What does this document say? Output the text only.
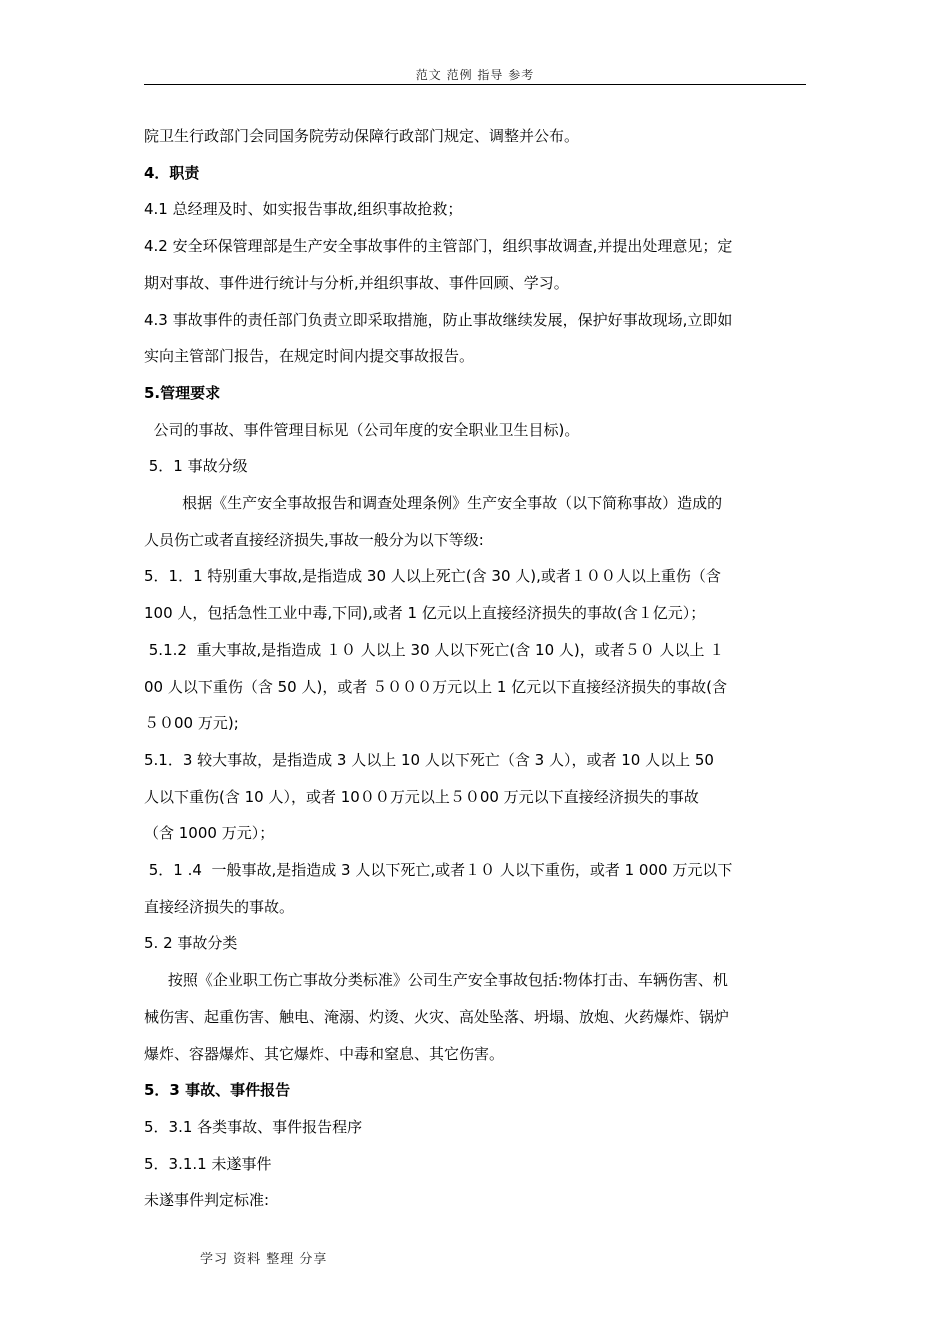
范文 范例 指导 参考
院卫生行政部门会同国务院劳动保障行政部门规定、调整并公布。
4．职责
4.1 总经理及时、如实报告事故,组织事故抢救；
4.2 安全环保管理部是生产安全事故事件的主管部门，组织事故调查,并提出处理意见；定
期对事故、事件进行统计与分析,并组织事故、事件回顾、学习。
4.3 事故事件的责任部门负责立即采取措施，防止事故继续发展，保护好事故现场,立即如
实向主管部门报告，在规定时间内提交事故报告。
5.管理要求
公司的事故、事件管理目标见（公司年度的安全职业卫生目标)。
5．1 事故分级
根据《生产安全事故报告和调查处理条例》生产安全事故（以下简称事故）造成的
人员伤亡或者直接经济损失,事故一般分为以下等级:
5．1．1 特别重大事故,是指造成 30 人以上死亡(含 30 人),或者１００人以上重伤（含
100 人，包括急性工业中毒,下同),或者 1 亿元以上直接经济损失的事故(含１亿元）；
5.1.2  重大事故,是指造成 １０ 人以上 30 人以下死亡(含 10 人)，或者５０ 人以上 １
00 人以下重伤（含 50 人)，或者 ５０００万元以上 1 亿元以下直接经济损失的事故(含
５０00 万元);
5.1．3 较大事故，是指造成 3 人以上 10 人以下死亡（含 3 人），或者 10 人以上 50
人以下重伤(含 10 人），或者 10００万元以上５０00 万元以下直接经济损失的事故
（含 1000 万元）；
5．1 .4  一般事故,是指造成 3 人以下死亡,或者１０ 人以下重伤，或者 1 000 万元以下
直接经济损失的事故。
5. 2 事故分类
按照《企业职工伤亡事故分类标准》公司生产安全事故包括:物体打击、车辆伤害、机
械伤害、起重伤害、触电、淹溺、灼烫、火灾、高处坠落、坍塌、放炮、火药爆炸、锅炉
爆炸、容器爆炸、其它爆炸、中毒和窒息、其它伤害。
5．3 事故、事件报告
5．3.1 各类事故、事件报告程序
5．3.1.1 未遂事件
未遂事件判定标准:
学习 资料 整理 分享
